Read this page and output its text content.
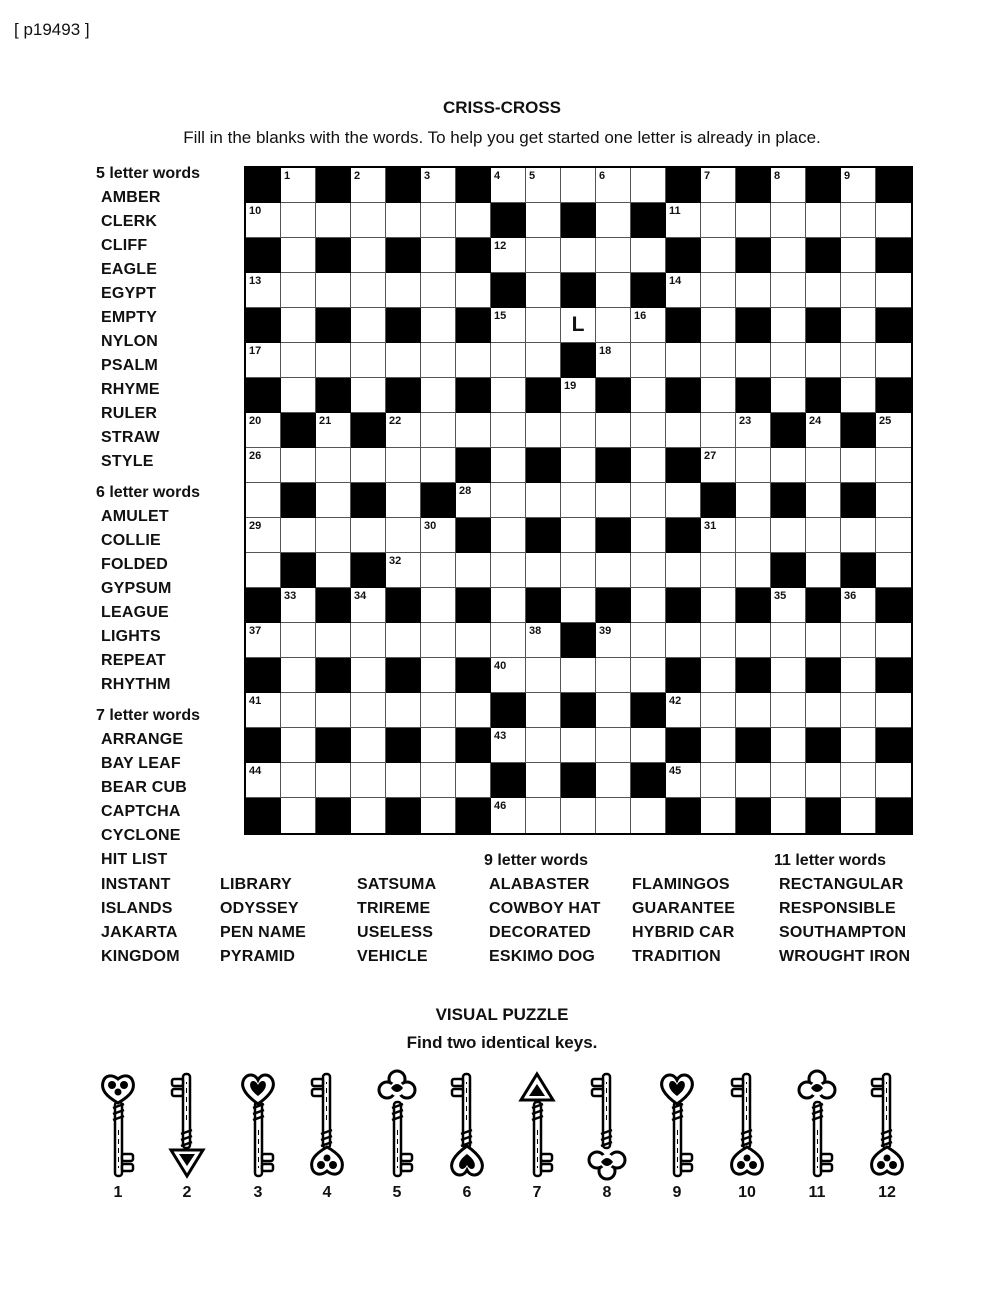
[ p19493 ]
CRISS-CROSS
Fill in the blanks with the words. To help you get started one letter is already in place.
1	2	3	4	5	6	7	8	9
10	11
12
13	14
15	L	16
17	18
19
20	21	22	23	24	25
26	27
28
29	30	31
32
33	34	35	36
37	38	39
40
41	42
43
44	45
46
5 letter words
AMBER
CLERK
CLIFF
EAGLE
EGYPT
EMPTY
NYLON
PSALM
RHYME
RULER
STRAW
STYLE
6 letter words
AMULET
COLLIE
FOLDED
GYPSUM
LEAGUE
LIGHTS
REPEAT
RHYTHM
7 letter words
ARRANGE
BAY LEAF
BEAR CUB
CAPTCHA
CYCLONE
HIT LIST
INSTANT
ISLANDS
JAKARTA
KINGDOM
LIBRARY
ODYSSEY
PEN NAME
PYRAMID
SATSUMA
TRIREME
USELESS
VEHICLE
ALABASTER
COWBOY HAT
DECORATED
ESKIMO DOG
FLAMINGOS
GUARANTEE
HYBRID CAR
TRADITION
RECTANGULAR
RESPONSIBLE
SOUTHAMPTON
WROUGHT IRON
9 letter words	11 letter words
VISUAL PUZZLE
Find two identical keys.
1	2	3	4	5	6	7	8	9	10	11	12
